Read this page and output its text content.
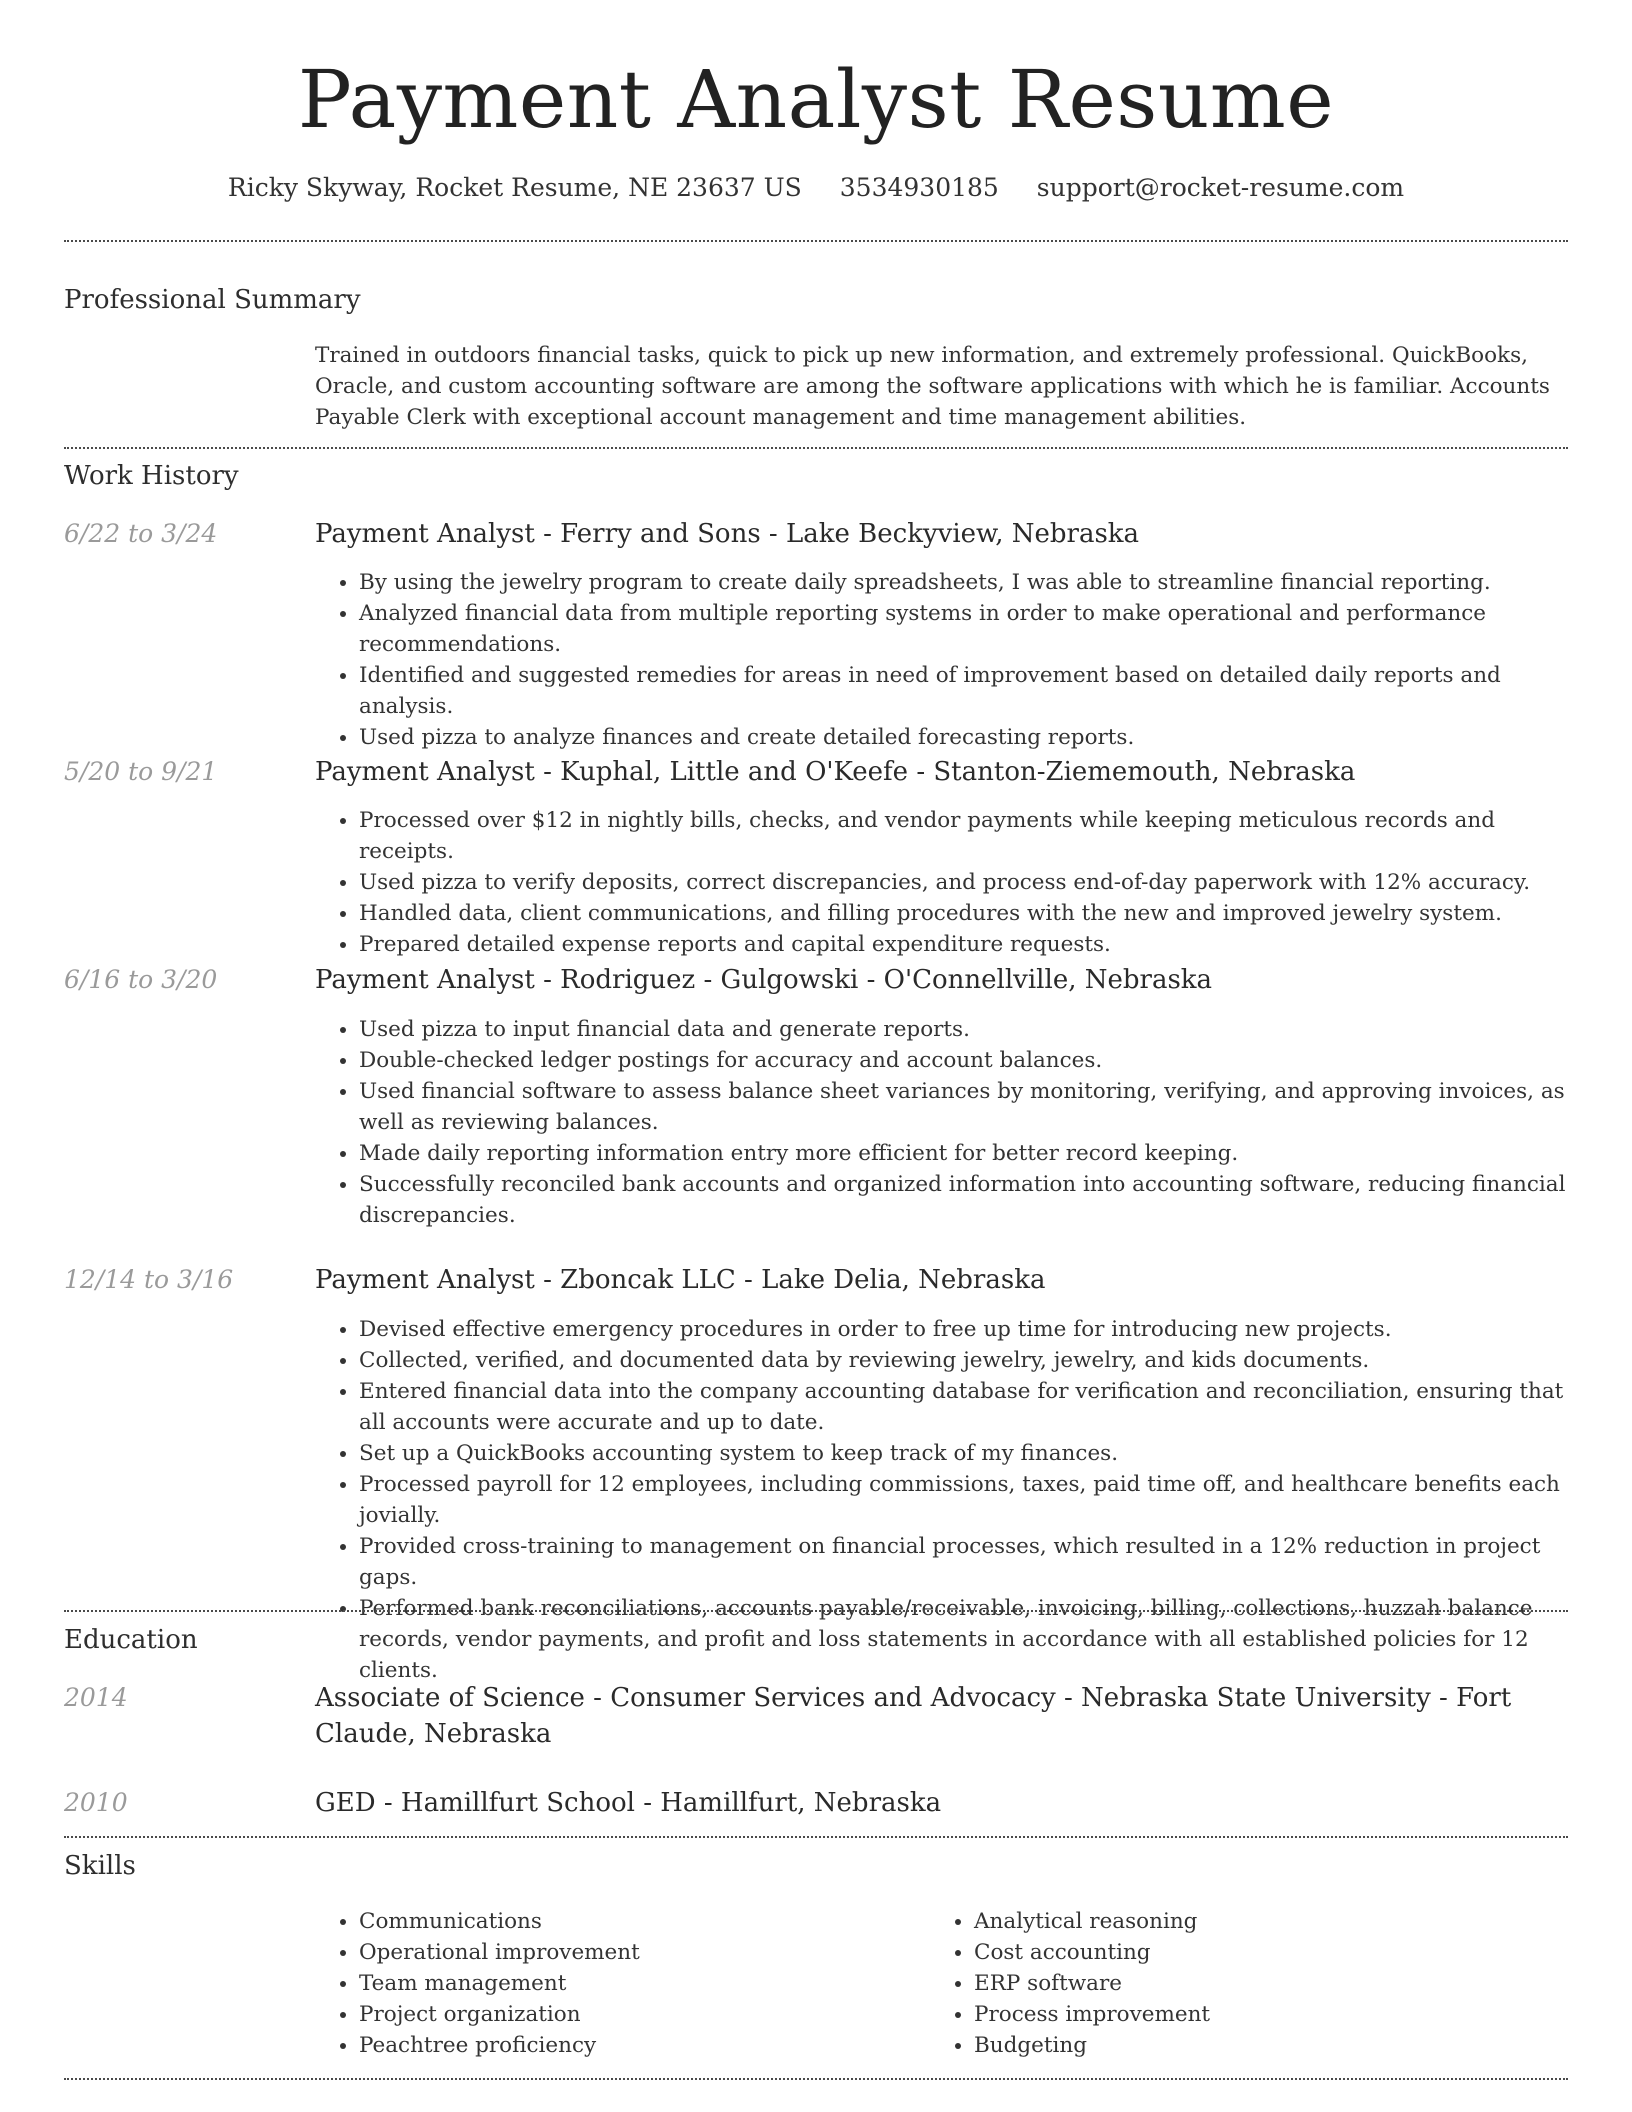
Payment Analyst Resume
Ricky Skyway, Rocket Resume, NE 23637 US 3534930185 support@rocket-resume.com
Professional Summary

Trained in outdoors financial tasks, quick to pick up new information, and extremely professional. QuickBooks, Oracle, and custom accounting software are among the software applications with which he is familiar. Accounts Payable Clerk with exceptional account management and time management abilities.

Work History
6/22 to 3/24	Payment Analyst - Ferry and Sons - Lake Beckyview, Nebraska
• By using the jewelry program to create daily spreadsheets, I was able to streamline financial reporting.
• Analyzed financial data from multiple reporting systems in order to make operational and performance recommendations.
• Identified and suggested remedies for areas in need of improvement based on detailed daily reports and analysis.
• Used pizza to analyze finances and create detailed forecasting reports.
5/20 to 9/21	Payment Analyst - Kuphal, Little and O'Keefe - Stanton-Ziememouth, Nebraska
• Processed over $12 in nightly bills, checks, and vendor payments while keeping meticulous records and receipts.
• Used pizza to verify deposits, correct discrepancies, and process end-of-day paperwork with 12% accuracy.
• Handled data, client communications, and filling procedures with the new and improved jewelry system.
• Prepared detailed expense reports and capital expenditure requests.
6/16 to 3/20	Payment Analyst - Rodriguez - Gulgowski - O'Connellville, Nebraska
• Used pizza to input financial data and generate reports.
• Double-checked ledger postings for accuracy and account balances.
• Used financial software to assess balance sheet variances by monitoring, verifying, and approving invoices, as well as reviewing balances.
• Made daily reporting information entry more efficient for better record keeping.
• Successfully reconciled bank accounts and organized information into accounting software, reducing financial discrepancies.
12/14 to 3/16	Payment Analyst - Zboncak LLC - Lake Delia, Nebraska
• Devised effective emergency procedures in order to free up time for introducing new projects.
• Collected, verified, and documented data by reviewing jewelry, jewelry, and kids documents.
• Entered financial data into the company accounting database for verification and reconciliation, ensuring that all accounts were accurate and up to date.
• Set up a QuickBooks accounting system to keep track of my finances.
• Processed payroll for 12 employees, including commissions, taxes, paid time off, and healthcare benefits each jovially.
• Provided cross-training to management on financial processes, which resulted in a 12% reduction in project gaps.
• Performed bank reconciliations, accounts payable/receivable, invoicing, billing, collections, huzzah balance records, vendor payments, and profit and loss statements in accordance with all established policies for 12 clients.
Education
2014	Associate of Science - Consumer Services and Advocacy - Nebraska State University - Fort Claude, Nebraska
2010	GED - Hamillfurt School - Hamillfurt, Nebraska
Skills
• Communications
• Operational improvement
• Team management
• Project organization
• Peachtree proficiency
• Analytical reasoning
• Cost accounting
• ERP software
• Process improvement
• Budgeting
